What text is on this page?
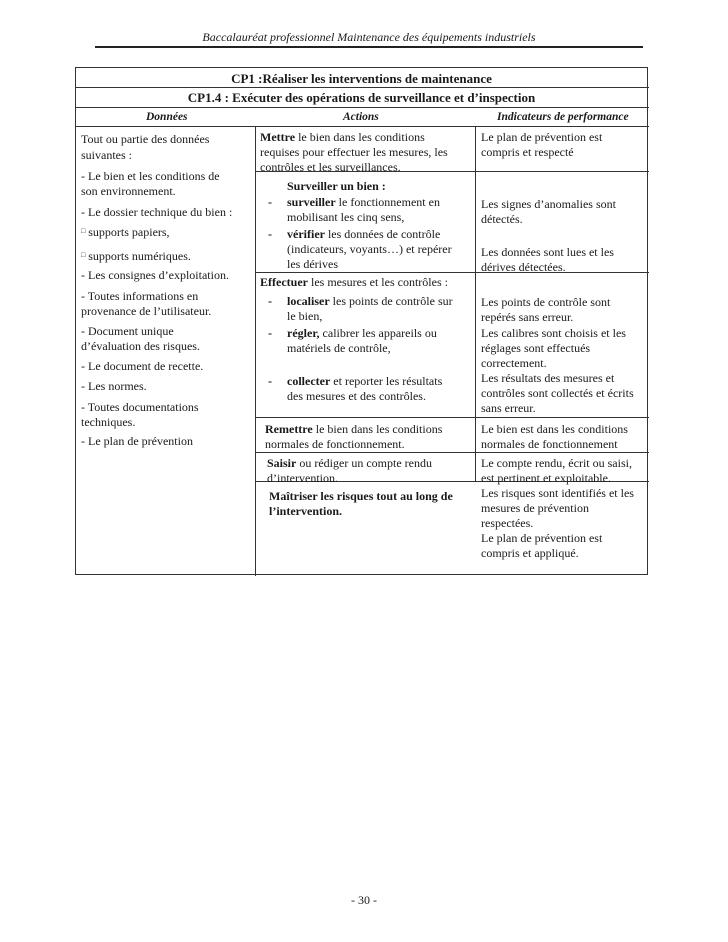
Baccalauréat professionnel Maintenance des équipements industriels
CP1 :Réaliser les interventions de maintenance
CP1.4 : Exécuter des opérations de surveillance et d’inspection
Données	Actions	Indicateurs de performance
Tout ou partie des données
suivantes :
- Le bien et les conditions de
son environnement.
- Le dossier technique du bien :
□ supports papiers,
□ supports numériques.
- Les consignes d’exploitation.
- Toutes informations en
provenance de l’utilisateur.
- Document unique
d’évaluation des risques.
- Le document de recette.
- Les normes.
- Toutes documentations
techniques.
- Le plan de prévention
Mettre le bien dans les conditions
requises pour effectuer les mesures, les
contrôles et les surveillances.
Surveiller un bien :
- surveiller le fonctionnement en
mobilisant les cinq sens,
- vérifier les données de contrôle
(indicateurs, voyants…) et repérer
les dérives
Effectuer les mesures et les contrôles :
- localiser les points de contrôle sur
le bien,
- régler, calibrer les appareils ou
matériels de contrôle,
- collecter et reporter les résultats
des mesures et des contrôles.
Remettre le bien dans les conditions
normales de fonctionnement.
Saisir ou rédiger un compte rendu
d’intervention.
Maîtriser les risques tout au long de
l’intervention.
Le plan de prévention est
compris et respecté
Les signes d’anomalies sont
détectés.
Les données sont lues et les
dérives détectées.
Les points de contrôle sont
repérés sans erreur.
Les calibres sont choisis et les
réglages sont effectués
correctement.
Les résultats des mesures et
contrôles sont collectés et écrits
sans erreur.
Le bien est dans les conditions
normales de fonctionnement
Le compte rendu, écrit ou saisi,
est pertinent et exploitable.
Les risques sont identifiés et les
mesures de prévention
respectées.
Le plan de prévention est
compris et appliqué.
- 30 -
